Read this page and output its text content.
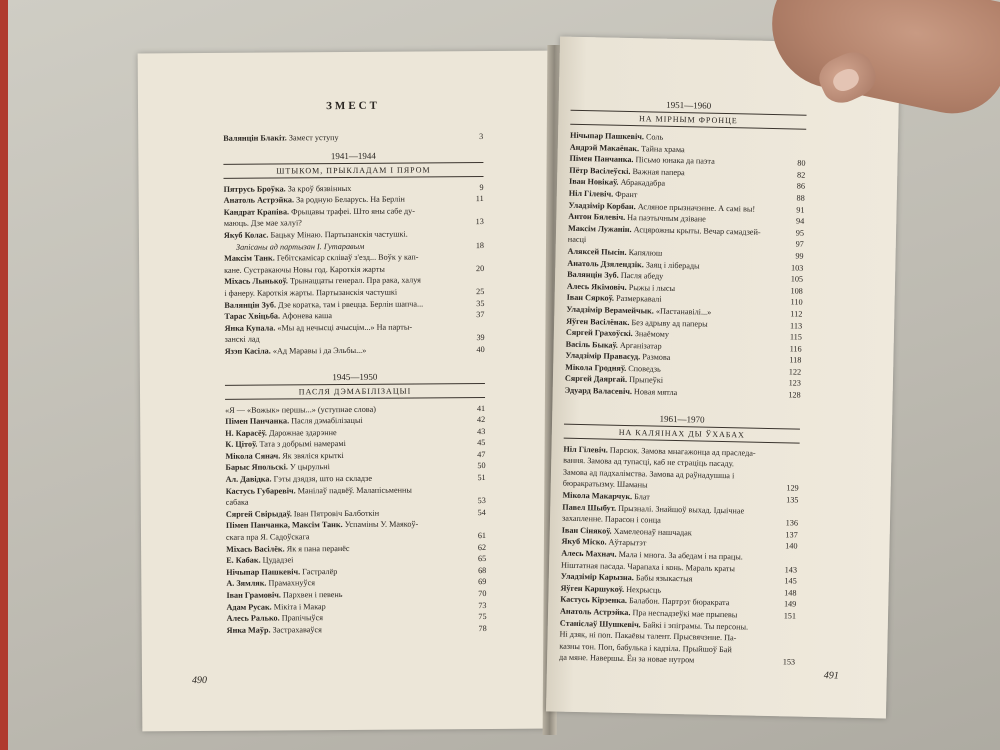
ЗМЕСТ
Валянцін Блакіт. Замест уступу	3
1941—1944
ШТЫКОМ, ПРЫКЛАДАМ І ПЯРОМ
Пятрусь Броўка. За кроў бязвінных	9
Анатоль Астрэйка. За родную Беларусь. На Берлін	11
Кандрат Крапіва. Фрыцавы трафеі. Што яны сабе ду-
маюць. Дзе мае халуі?	13
Якуб Колас. Бацьку Мінаю. Партызанскія частушкі.
Запісаны ад партызан І. Гутаравым	18
Максім Танк. Гебітскамісар скліваў з'езд... Воўк у кап-
кане. Сустракаючы Новы год. Кароткія жарты	20
Міхась Лынькоў. Трынаццаты генерал. Пра рака, халуя
і фанеру. Кароткія жарты. Партызанскія частушкі	25
Валянцін Зуб. Дзе коратка, там і рвецца. Берлін шапча...	35
Тарас Хвіцьба. Афонева каша	37
Янка Купала. «Мы ад нечысці ачысцім...» На парты-
занскі лад	39
Язэп Касіла. «Ад Маравы і да Эльбы...»	40
1945—1950
ПАСЛЯ ДЭМАБІЛІЗАЦЫІ
«Я — «Вожык» першы...» (уступнае слова)	41
Пімен Панчанка. Пасля дэмабілізацыі	42
Н. Карасёў. Дарожнае здарэнне	43
К. Цітоў. Тата з добрымі намерамі	45
Мікола Сянач. Як звяліся крыткі	47
Барыс Япольскі. У цырульні	50
Ал. Давідка. Гэты дзядзя, што на складзе	51
Кастусь Губаревіч. Манілаў падвёў. Малапісьменны
сабака	53
Сяргей Свірыдаў. Іван Пятровіч Балботкін	54
Пімен Панчанка, Максім Танк. Успаміны У. Маякоў-
скага пра Я. Садоўскага	61
Міхась Васілёк. Як я пана перанёс	62
Е. Кабак. Цудадзеі	65
Нічыпар Пашкевіч. Гастралёр	68
А. Зямляк. Прамахнуўся	69
Іван Грамовіч. Пархвен і певень	70
Адам Русак. Мікіта і Макар	73
Алесь Ралько. Прапічыўся	75
Янка Маўр. Застрахаваўся	78
490
1951—1960
НА МІРНЫМ ФРОНЦЕ
Нічыпар Пашкевіч. Соль
Андрэй Макаёнак. Тайна храма
Пімен Панчанка. Пісьмо юнака да паэта	80
Пётр Васілеўскі. Важная папера	82
Іван Новікаў. Абракадабра	86
Ніл Гілевіч. Франт	88
Уладзімір Корбан. Асляное прызначэнне. А самі вы!	91
Антон Бялевіч. На паэтычным дзіване	94
Максім Лужанін. Асцярожны крыты. Вечар самадзей-	95
насці	97
Аляксей Пысін. Капялюш	99
Анатоль Дзялендзік. Заяц і ліберады	103
Валянцін Зуб. Пасля абеду	105
Алесь Якімовіч. Рыжы і лысы	108
Іван Сяркоў. Размеркавалі	110
Уладзімір Верамейчык. «Пастанавілі...»	112
Яўген Васілёнак. Без адрыву ад паперы	113
Сяргей Грахоўскі. Знаёмому	115
Васіль Быкаў. Арганізатар	116
Уладзімір Правасуд. Размова	118
Мікола Гродняў. Споведзь	122
Сяргей Даяргай. Прыпеўкі	123
Эдуард Валасевіч. Новая мятла	128
1961—1970
НА КАЛЯІНАХ ДЫ ЎХАБАХ
Ніл Гілевіч. Парсюк. Замова мнагажонца ад праследа-
вання. Замова ад тупасці, каб не страціць пасаду.
Замова ад падхалімства. Замова ад раўнадушша і
бюракратызму. Шаманы	129
Мікола Макарчук. Блат	135
Павел Шыбут. Прызналі. Знайшоў выхад. Ідыічнае
захапленне. Парасон і сонца	136
Іван Сінякоў. Хамелеонаў нашчадак	137
Якуб Міско. Аўтарытэт	140
Алесь Махнач. Мала і многа. За абедам і на працы.
Ніштатная пасада. Чарапаха і конь. Мараль краты	143
Уладзімір Карызна. Бабы языкастыя	145
Яўген Каршукоў. Нехрысць	148
Кастусь Кірэенка. Балабон. Партрэт бюракрата	149
Анатоль Астрэйка. Пра неспадзеўкі мае прыпевы	151
Станіслаў Шушкевіч. Байкі і эпіграмы. Ты персоны.
Ні дзяк, ні поп. Пакаёвы талент. Прысвячэнне. Па-
казны тон. Поп, бабулька і кадзіла. Прыйшоў Бай
да мяне. Навершы. Ён за новае нутром	153
491
